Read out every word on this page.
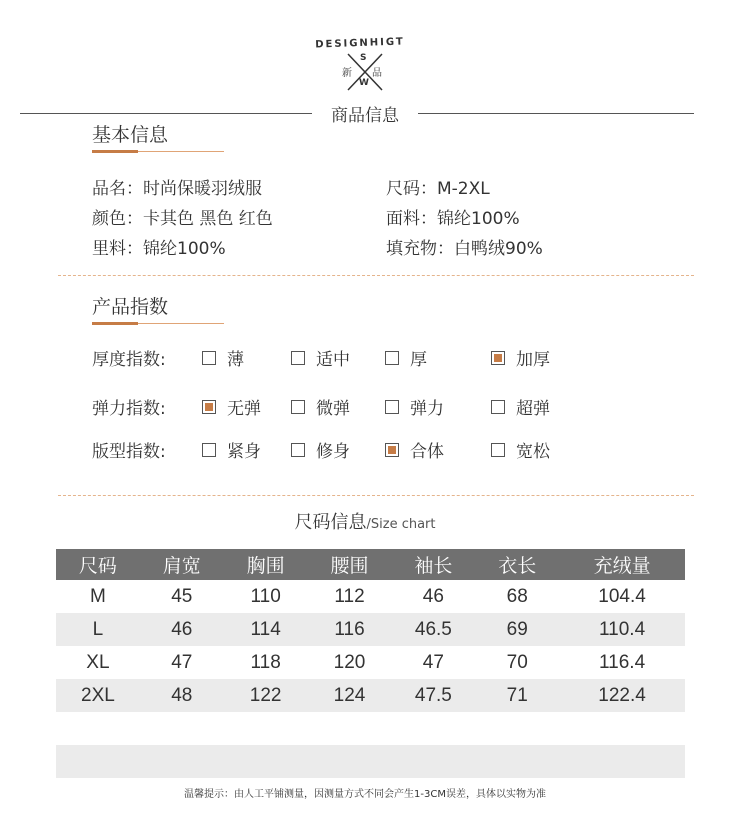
DESIGNHIGT
S
W
新 品
商品信息
基本信息
品名：时尚保暖羽绒服
颜色：卡其色 黑色 红色
里料：锦纶100%
尺码：M-2XL
面料：锦纶100%
填充物：白鸭绒90%
产品指数
厚度指数:	薄	适中	厚	加厚
弹力指数:	无弹	微弹	弹力	超弹
版型指数:	紧身	修身	合体	宽松
尺码信息/Size chart
尺码	肩宽	胸围	腰围	袖长	衣长	充绒量
M	45	110	112	46	68	104.4
L	46	114	116	46.5	69	110.4
XL	47	118	120	47	70	116.4
2XL	48	122	124	47.5	71	122.4

温馨提示：由人工平铺测量，因测量方式不同会产生1-3CM误差，具体以实物为准
